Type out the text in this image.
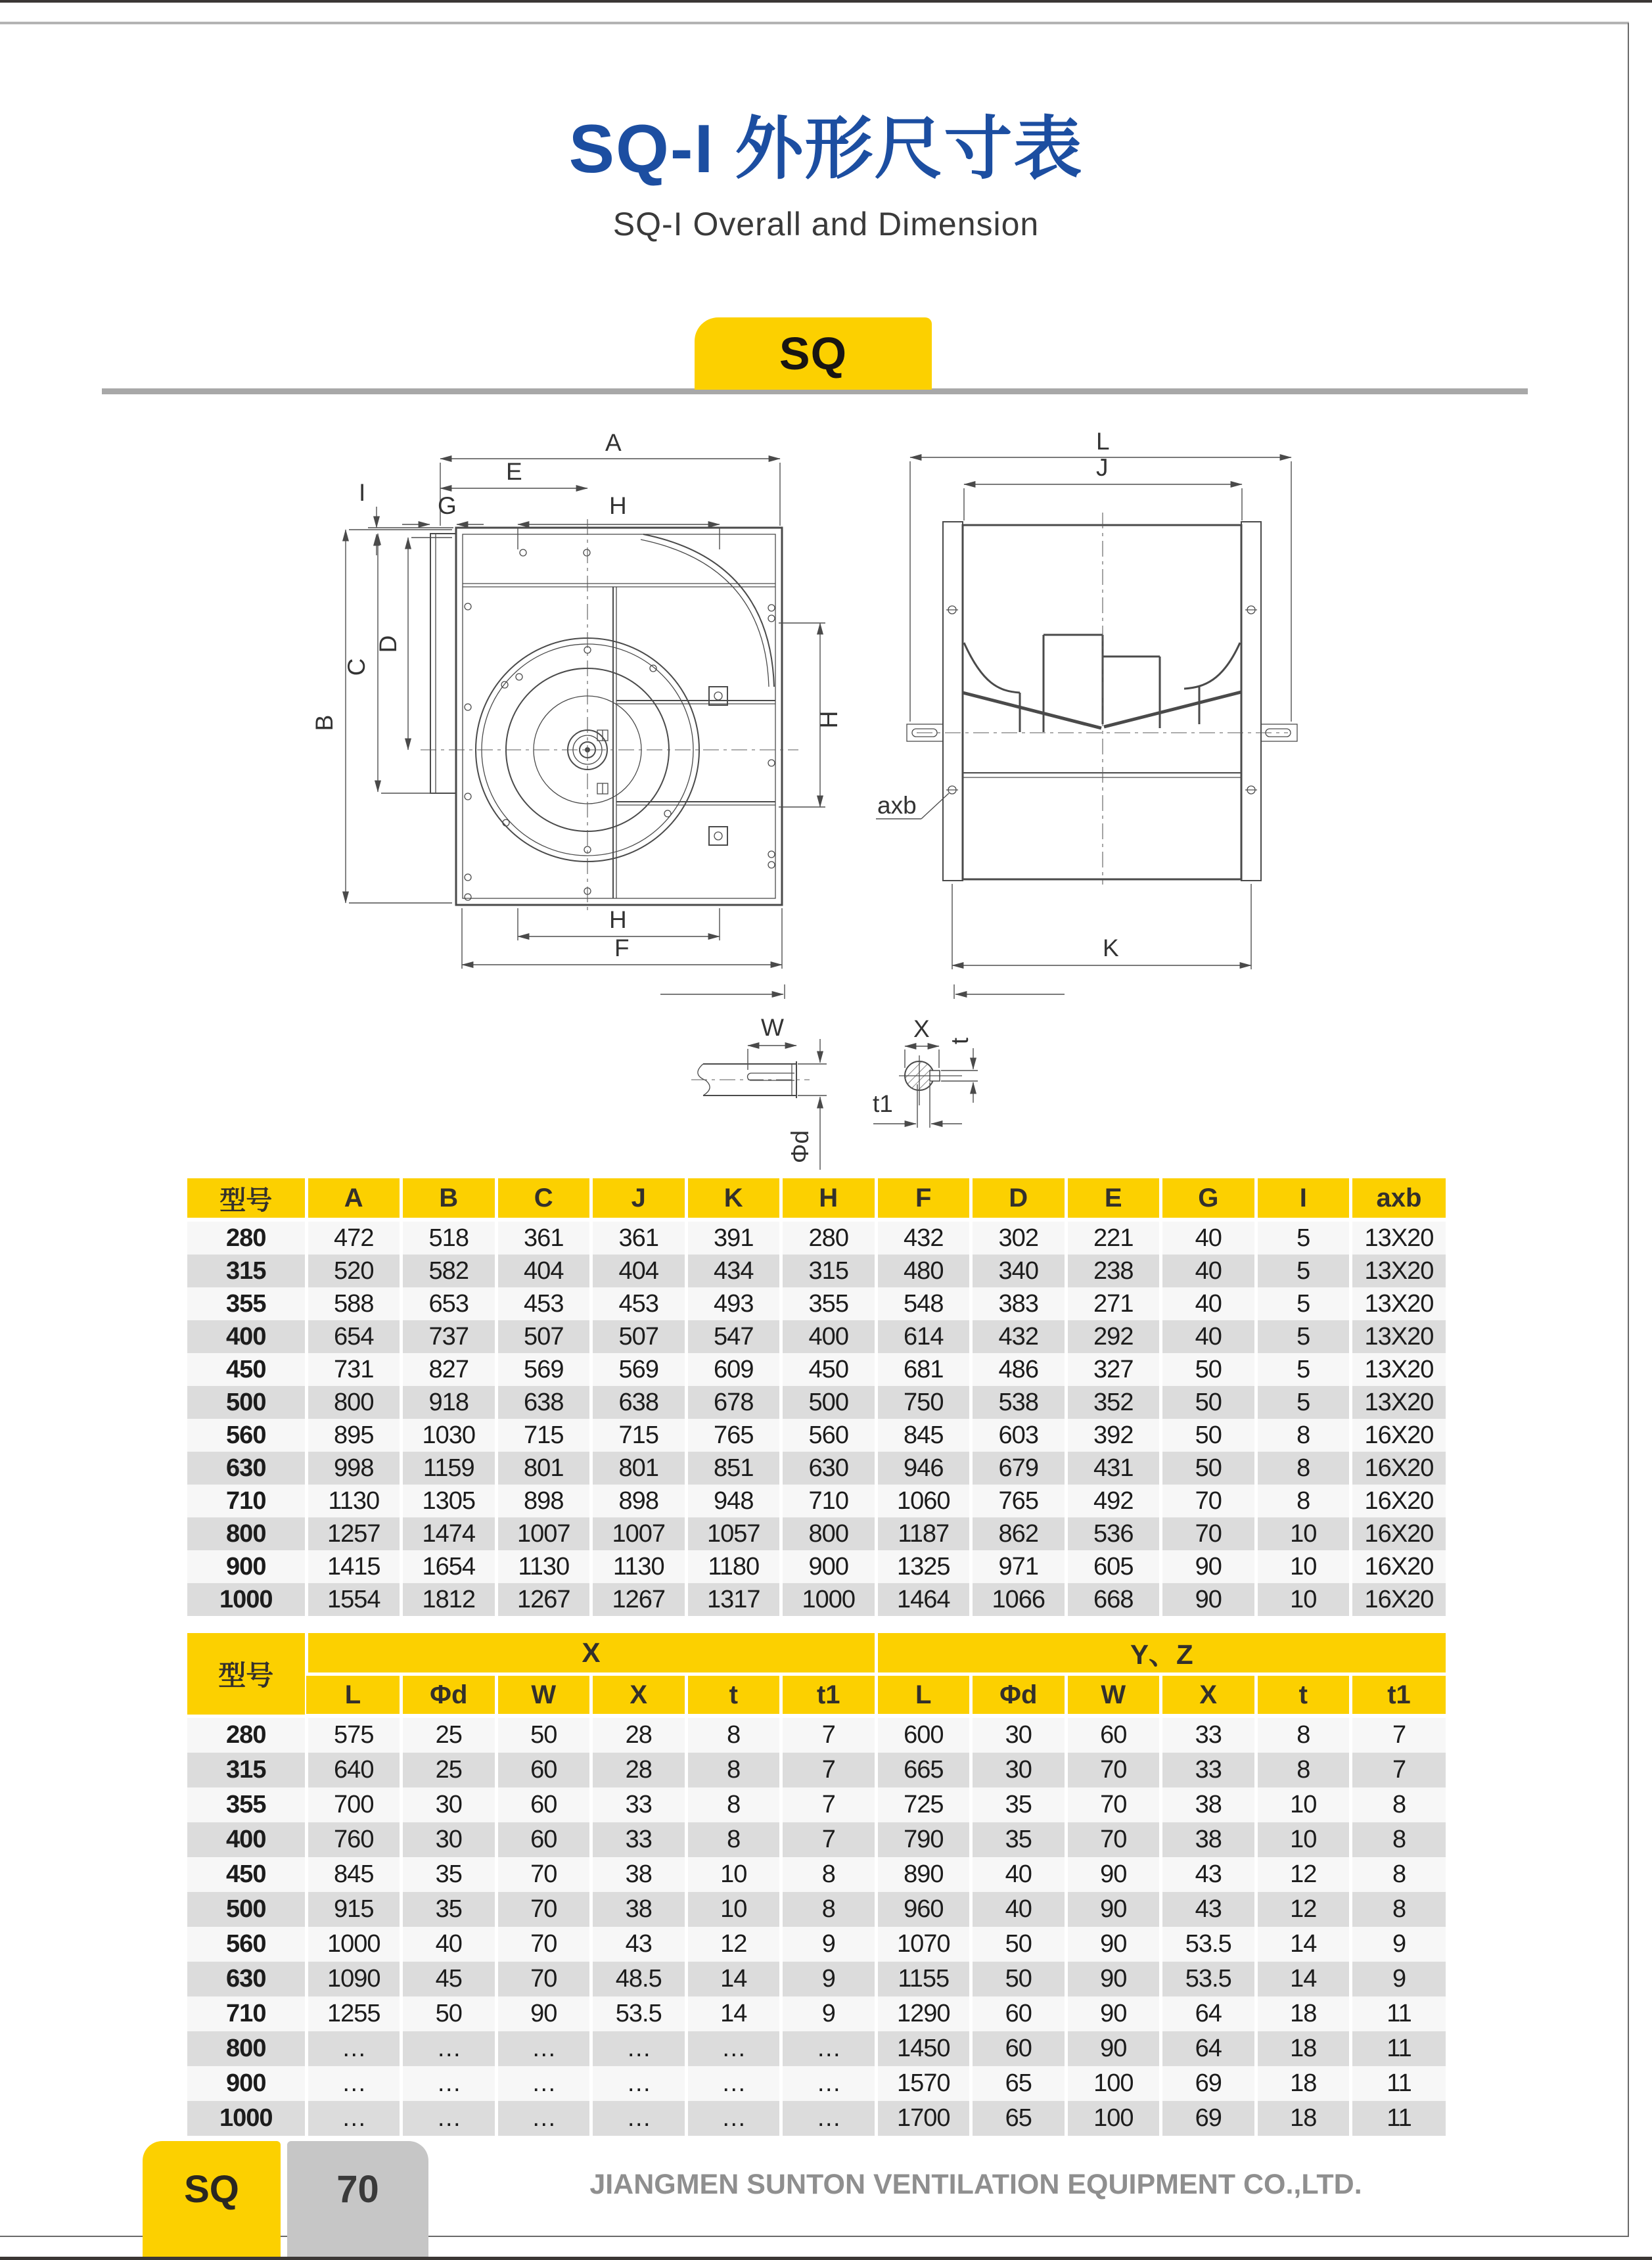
SQ-I 外形尺寸表
SQ-I Overall and Dimension
SQ
A
E
I	G	H
C
D
B	H
H
F
L
J
K
axb
W
Φd
X t
t1
型号	A	B	C	J	K	H	F	D	E	G	I	axb
280	472	518	361	361	391	280	432	302	221	40	5	13X20
315	520	582	404	404	434	315	480	340	238	40	5	13X20
355	588	653	453	453	493	355	548	383	271	40	5	13X20
400	654	737	507	507	547	400	614	432	292	40	5	13X20
450	731	827	569	569	609	450	681	486	327	50	5	13X20
500	800	918	638	638	678	500	750	538	352	50	5	13X20
560	895	1030	715	715	765	560	845	603	392	50	8	16X20
630	998	1159	801	801	851	630	946	679	431	50	8	16X20
710	1130	1305	898	898	948	710	1060	765	492	70	8	16X20
800	1257	1474	1007	1007	1057	800	1187	862	536	70	10	16X20
900	1415	1654	1130	1130	1180	900	1325	971	605	90	10	16X20
1000	1554	1812	1267	1267	1317	1000	1464	1066	668	90	10	16X20
型号	X						Y、Z					
	L	Φd	W	X	t	t1	L	Φd	W	X	t	t1
280	575	25	50	28	8	7	600	30	60	33	8	7
315	640	25	60	28	8	7	665	30	70	33	8	7
355	700	30	60	33	8	7	725	35	70	38	10	8
400	760	30	60	33	8	7	790	35	70	38	10	8
450	845	35	70	38	10	8	890	40	90	43	12	8
500	915	35	70	38	10	8	960	40	90	43	12	8
560	1000	40	70	43	12	9	1070	50	90	53.5	14	9
630	1090	45	70	48.5	14	9	1155	50	90	53.5	14	9
710	1255	50	90	53.5	14	9	1290	60	90	64	18	11
800	…	…	…	…	…	…	1450	60	90	64	18	11
900	…	…	…	…	…	…	1570	65	100	69	18	11
1000	…	…	…	…	…	…	1700	65	100	69	18	11
SQ	70	JIANGMEN SUNTON VENTILATION EQUIPMENT CO.,LTD.
